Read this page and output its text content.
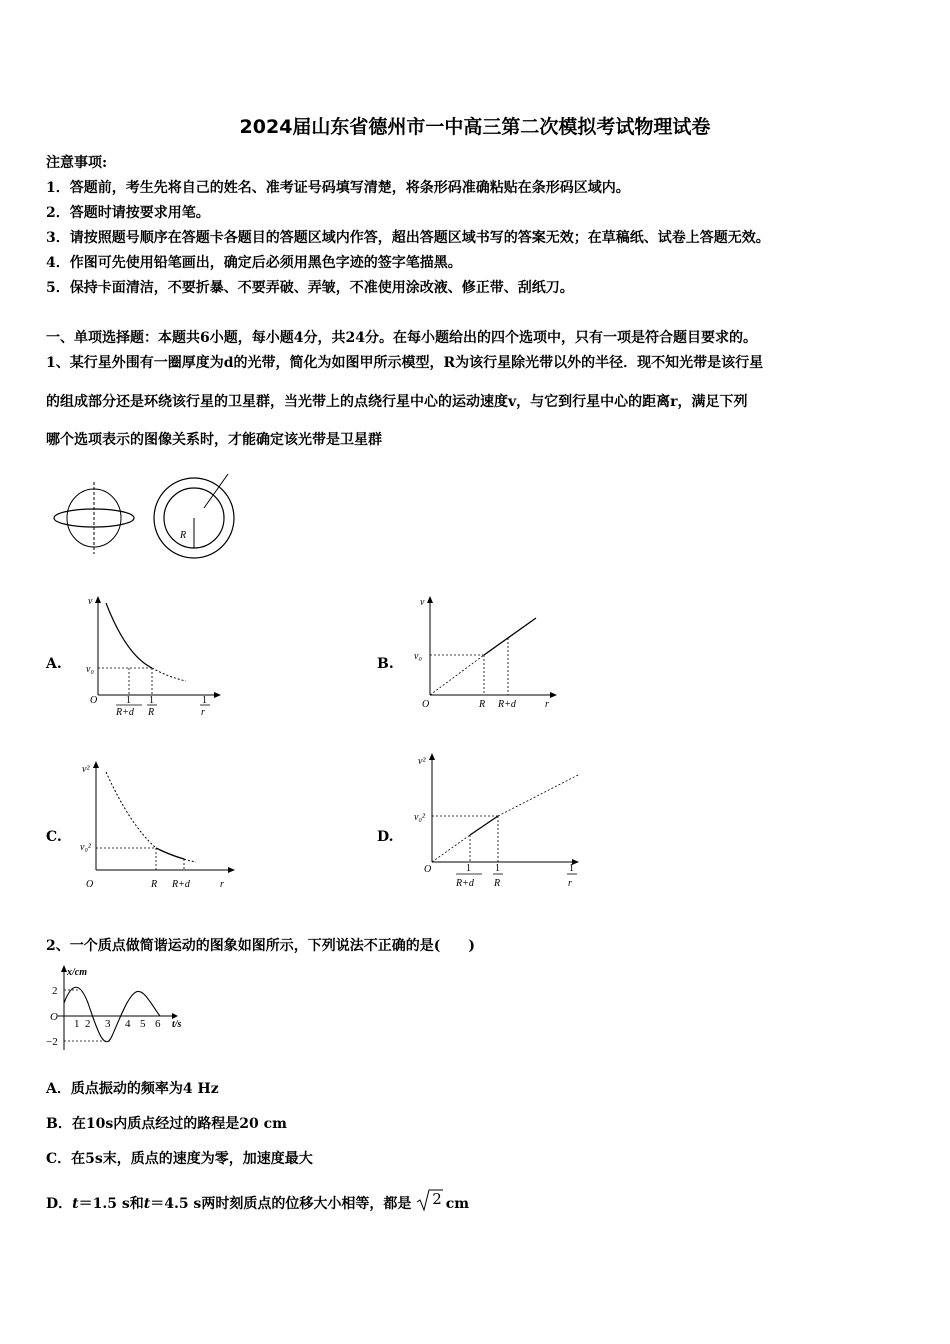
2024届山东省德州市一中高三第二次模拟考试物理试卷
注意事项:
1．答题前，考生先将自己的姓名、准考证号码填写清楚，将条形码准确粘贴在条形码区域内。
2．答题时请按要求用笔。
3．请按照题号顺序在答题卡各题目的答题区域内作答，超出答题区域书写的答案无效；在草稿纸、试卷上答题无效。
4．作图可先使用铅笔画出，确定后必须用黑色字迹的签字笔描黑。
5．保持卡面清洁，不要折暴、不要弄破、弄皱，不准使用涂改液、修正带、刮纸刀。
一、单项选择题：本题共6小题，每小题4分，共24分。在每小题给出的四个选项中，只有一项是符合题目要求的。
1、某行星外围有一圈厚度为d的光带，简化为如图甲所示模型，R为该行星除光带以外的半径．现不知光带是该行星
的组成部分还是环绕该行星的卫星群，当光带上的点绕行星中心的运动速度v，与它到行星中心的距离r，满足下列
哪个选项表示的图像关系时，才能确定该光带是卫星群
R
A.
v
v₀
O	1
R+d
1
R
1
r
B.
v
v₀
O	R R+d	r
C.
v²
v₀²
O	R R+d	r
D.
v²
v₀²
O	1
R+d
1
R
1
r
2、一个质点做简谐运动的图象如图所示，下列说法不正确的是(　　)
x/cm
2
O
−2
1 2 3 4 5 6 t/s
A．质点振动的频率为4 Hz
B．在10s内质点经过的路程是20 cm
C．在5s末，质点的速度为零，加速度最大
D．t＝1.5 s和t＝4.5 s两时刻质点的位移大小相等，都是 2 cm
